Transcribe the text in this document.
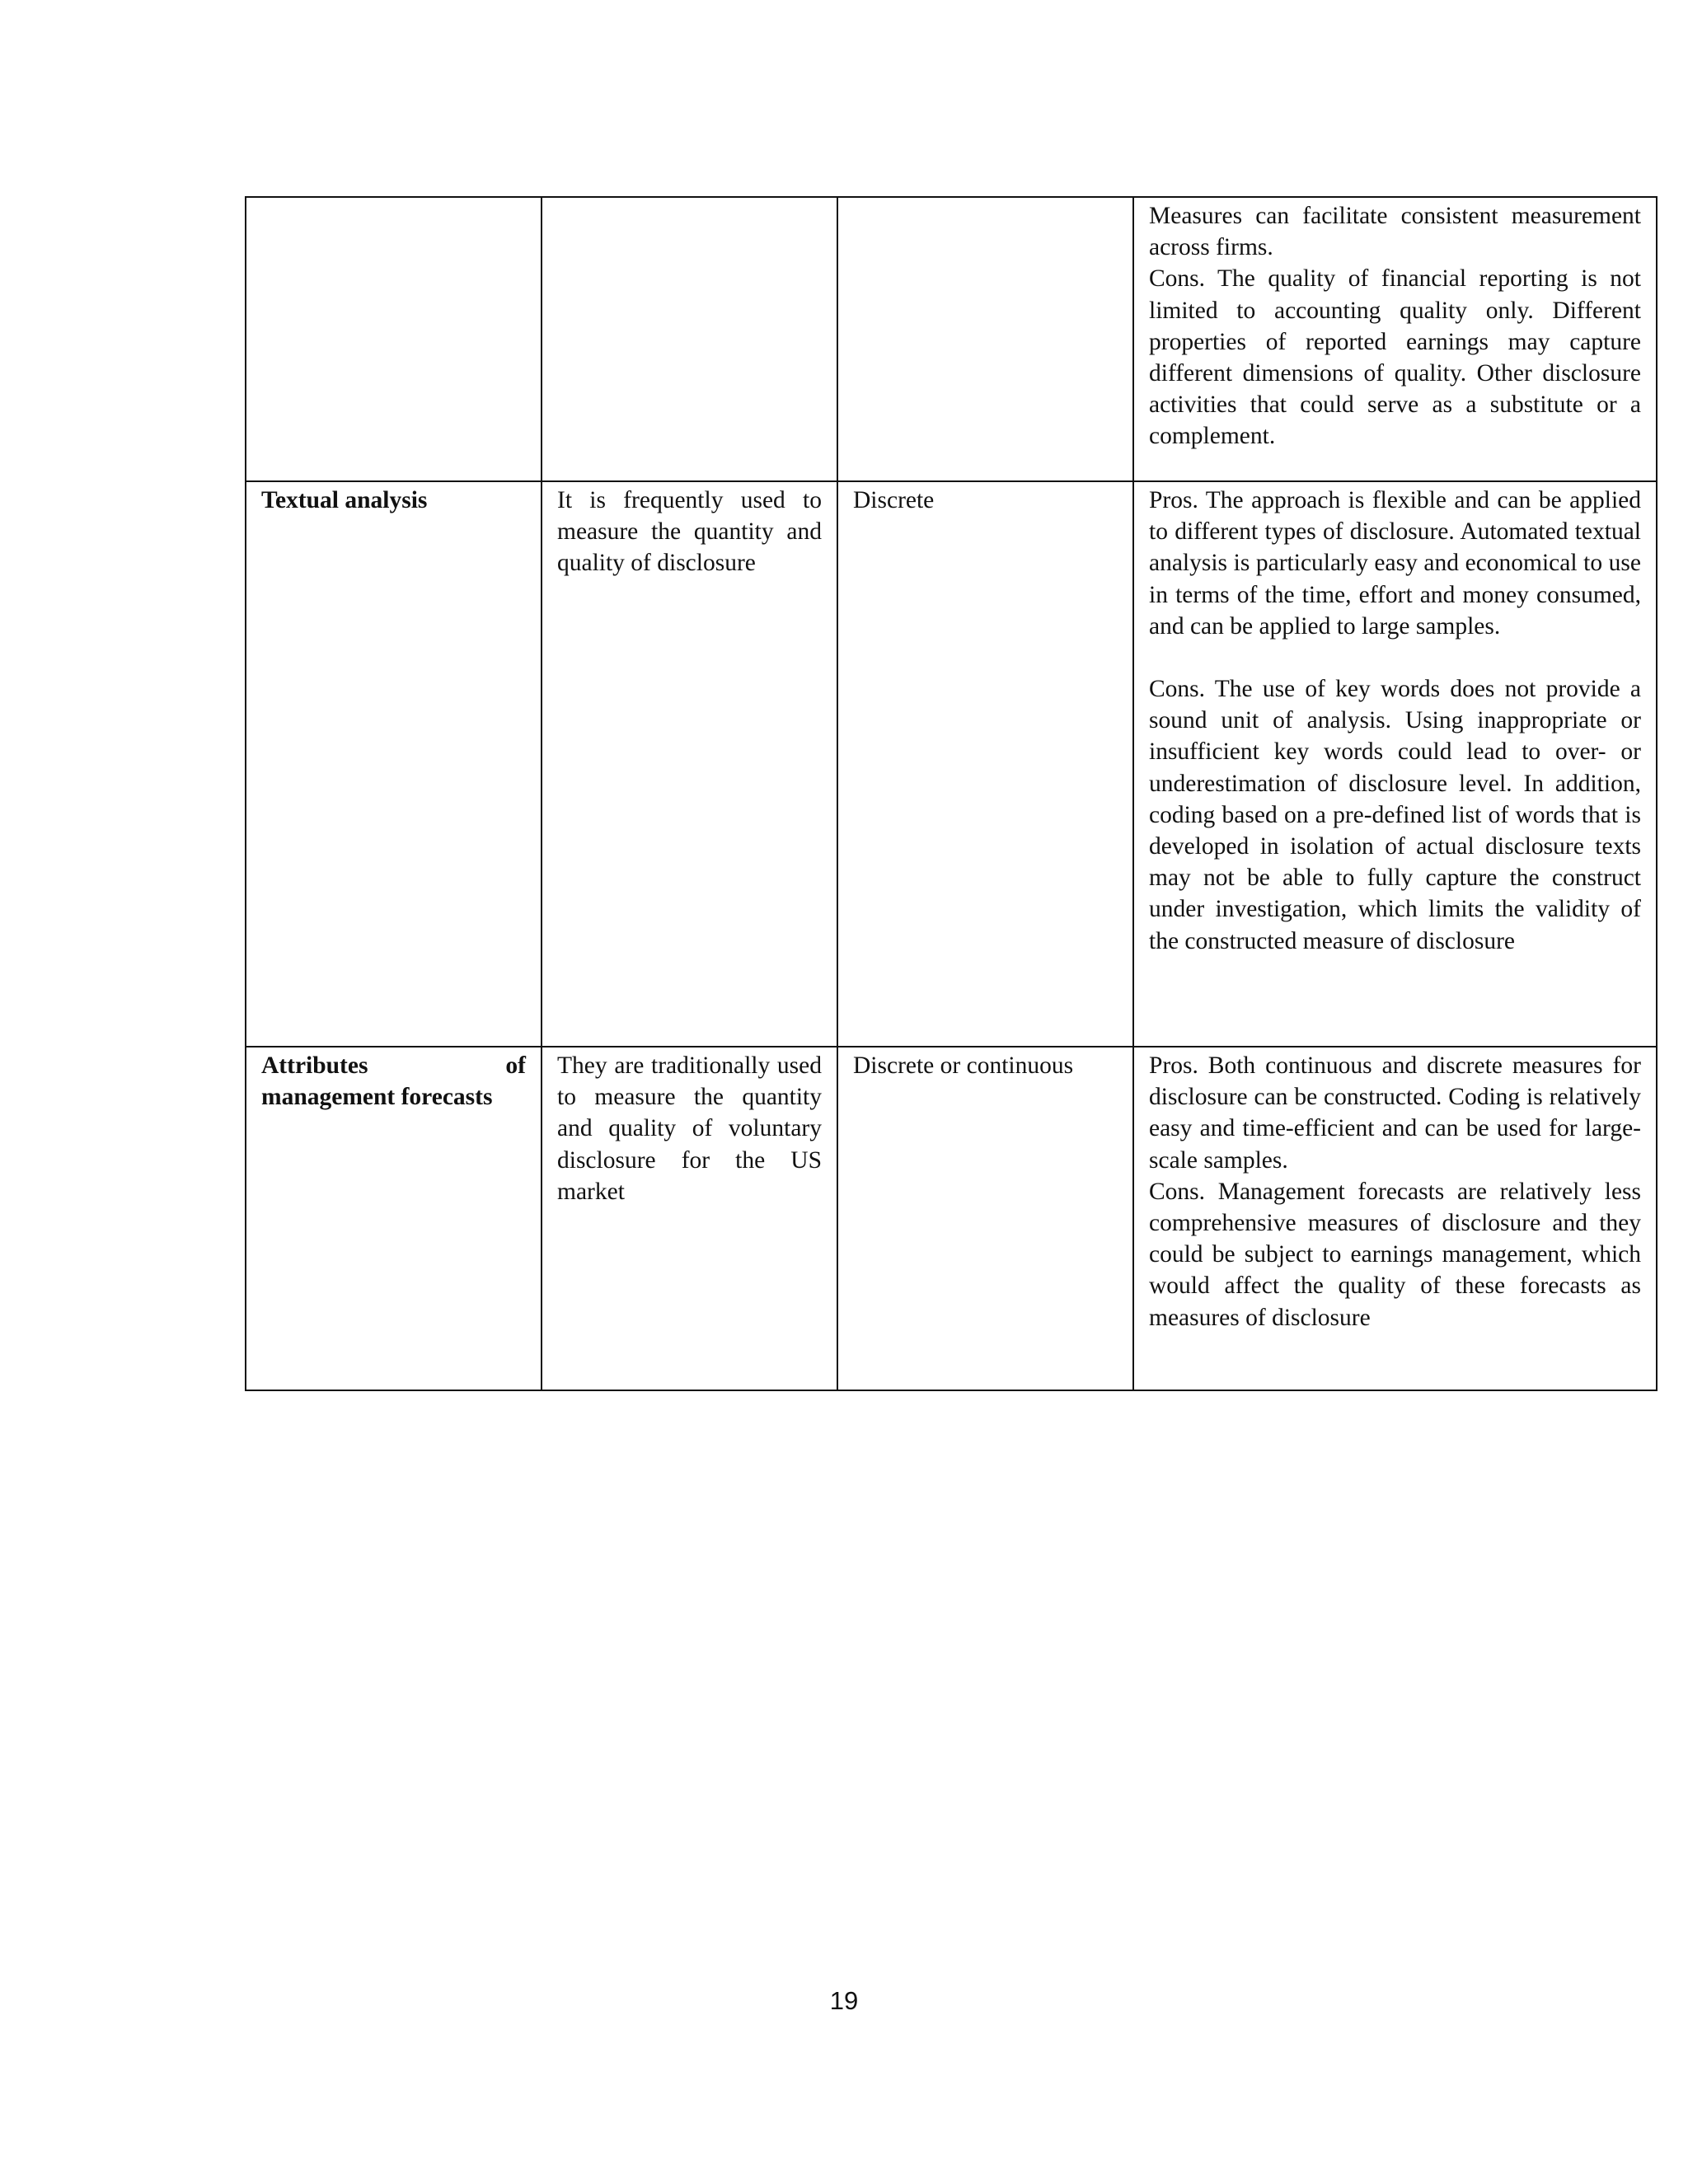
			Measures can facilitate consistent measurement across firms.
Cons. The quality of financial reporting is not limited to accounting quality only. Different properties of reported earnings may capture different dimensions of quality. Other disclosure activities that could serve as a substitute or a complement.

Textual analysis	It is frequently used to measure the quantity and quality of disclosure	Discrete	Pros. The approach is flexible and can be applied to different types of disclosure. Automated textual analysis is particularly easy and economical to use in terms of the time, effort and money consumed, and can be applied to large samples.
Cons. The use of key words does not provide a sound unit of analysis. Using inappropriate or insufficient key words could lead to over- or underestimation of disclosure level. In addition, coding based on a pre-defined list of words that is developed in isolation of actual disclosure texts may not be able to fully capture the construct under investigation, which limits the validity of the constructed measure of disclosure

Attributes of management forecasts	They are traditionally used to measure the quantity and quality of voluntary disclosure for the US market	Discrete or continuous	Pros. Both continuous and discrete measures for disclosure can be constructed. Coding is relatively easy and time-efficient and can be used for large-scale samples.
Cons. Management forecasts are relatively less comprehensive measures of disclosure and they could be subject to earnings management, which would affect the quality of these forecasts as measures of disclosure
19
